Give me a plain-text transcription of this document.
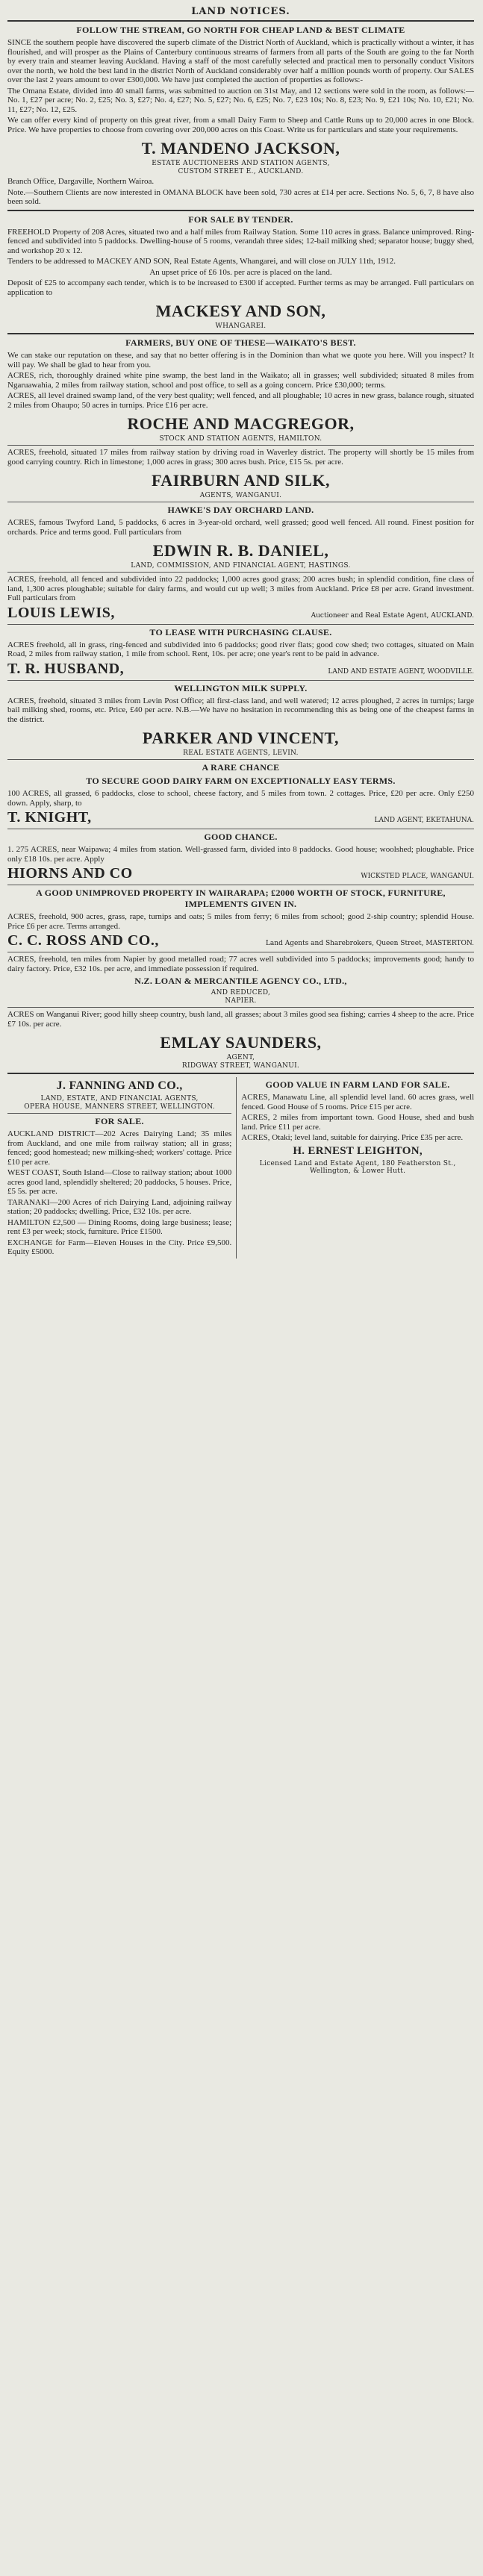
LAND NOTICES.
FOLLOW THE STREAM, GO NORTH FOR CHEAP LAND & BEST CLIMATE
SINCE the southern people have discovered the superb climate of the District North of Auckland, which is practically without a winter, it has flourished, and will prosper as the Plains of Canterbury continuous streams of farmers from all parts of the South are going to the far North by every train and steamer leaving Auckland. Having a staff of the most carefully selected and practical men to personally conduct Visitors over the north, we hold the best land in the district North of Auckland considerably over half a million pounds worth of property. Our SALES over the last 2 years amount to over £300,000. We have just completed the auction of properties as follows:-
The Omana Estate, divided into 40 small farms, was submitted to auction on 31st May, and 12 sections were sold in the room, as follows:—No. 1, £27 per acre; No. 2, £25; No. 3, £27; No. 4, £27; No. 5, £27; No. 6, £25; No. 7, £23 10s; No. 8, £23; No. 9, £21 10s; No. 10, £21; No. 11, £27; No. 12, £25.
We can offer every kind of property on this great river, from a small Dairy Farm to Sheep and Cattle Runs up to 20,000 acres in one Block. Price. We have properties to choose from covering over 200,000 acres on this Coast. Write us for particulars and state your requirements.
T. MANDENO JACKSON,
ESTATE AUCTIONEERS AND STATION AGENTS,
CUSTOM STREET E., AUCKLAND.
Branch Office, Dargaville, Northern Wairoa.
Note.—Southern Clients are now interested in OMANA BLOCK have been sold, 730 acres at £14 per acre. Sections No. 5, 6, 7, 8 have also been sold.
FOR SALE BY TENDER.
FREEHOLD Property of 208 Acres, situated two and a half miles from Railway Station. Some 110 acres in grass. Balance unimproved. Ring-fenced and subdivided into 5 paddocks. Dwelling-house of 5 rooms, verandah three sides; 12-bail milking shed; separator house; buggy shed, and workshop 20 x 12.
Tenders to be addressed to MACKEY AND SON, Real Estate Agents, Whangarei, and will close on JULY 11th, 1912.
An upset price of £6 10s. per acre is placed on the land.
Deposit of £25 to accompany each tender, which is to be increased to £300 if accepted. Further terms as may be arranged. Full particulars on application to
MACKESY AND SON,
WHANGAREI.
FARMERS, BUY ONE OF THESE—WAIKATO'S BEST.
We can stake our reputation on these, and say that no better offering is in the Dominion than what we quote you here. Will you inspect? It will pay. We shall be glad to hear from you.
ACRES, rich, thoroughly drained white pine swamp, the best land in the Waikato; all in grasses; well subdivided; situated 8 miles from Ngaruawahia, 2 miles from railway station, school and post office, to sell as a going concern. Price £30,000; terms.
ACRES, all level drained swamp land, of the very best quality; well fenced, and all ploughable; 10 acres in new grass, balance rough, situated 2 miles from Ohaupo; 50 acres in turnips. Price £16 per acre.
ROCHE AND MACGREGOR,
STOCK AND STATION AGENTS, HAMILTON.
ACRES, freehold, situated 17 miles from railway station by driving road in Waverley district. The property will shortly be 15 miles from good carrying country. Rich in limestone; 1,000 acres in grass; 300 acres bush. Price, £15 5s. per acre.
FAIRBURN AND SILK,
AGENTS, WANGANUI.
HAWKE'S DAY ORCHARD LAND.
ACRES, famous Twyford Land, 5 paddocks, 6 acres in 3-year-old orchard, well grassed; good well fenced. All round. Finest position for orchards. Price and terms good. Full particulars from
EDWIN R. B. DANIEL,
LAND, COMMISSION, AND FINANCIAL AGENT, HASTINGS.
ACRES, freehold, all fenced and subdivided into 22 paddocks; 1,000 acres good grass; 200 acres bush; in splendid condition, fine class of land, 1,300 acres ploughable; suitable for dairy farms, and would cut up well; 3 miles from Auckland. Price £8 per acre. Grand investment. Full particulars from
LOUIS LEWIS,	Auctioneer and Real Estate Agent, AUCKLAND.
TO LEASE WITH PURCHASING CLAUSE.
ACRES freehold, all in grass, ring-fenced and subdivided into 6 paddocks; good river flats; good cow shed; two cottages, situated on Main Road, 2 miles from railway station, 1 mile from school. Rent, 10s. per acre; one year's rent to be paid in advance.
T. R. HUSBAND,	LAND AND ESTATE AGENT, WOODVILLE.
WELLINGTON MILK SUPPLY.
ACRES, freehold, situated 3 miles from Levin Post Office; all first-class land, and well watered; 12 acres ploughed, 2 acres in turnips; large bail milking shed, rooms, etc. Price, £40 per acre. N.B.—We have no hesitation in recommending this as being one of the cheapest farms in the district.
PARKER AND VINCENT,
REAL ESTATE AGENTS, LEVIN.
A RARE CHANCE
TO SECURE GOOD DAIRY FARM ON EXCEPTIONALLY EASY TERMS.
100 ACRES, all grassed, 6 paddocks, close to school, cheese factory, and 5 miles from town. 2 cottages. Price, £20 per acre. Only £250 down. Apply, sharp, to
T. KNIGHT,	LAND AGENT, EKETAHUNA.
GOOD CHANCE.
1. 275 ACRES, near Waipawa; 4 miles from station. Well-grassed farm, divided into 8 paddocks. Good house; woolshed; ploughable. Price only £18 10s. per acre. Apply
HIORNS AND CO	WICKSTED PLACE, WANGANUI.
A GOOD UNIMPROVED PROPERTY IN WAIRARAPA; £2000 WORTH OF STOCK, FURNITURE, IMPLEMENTS GIVEN IN.
ACRES, freehold, 900 acres, grass, rape, turnips and oats; 5 miles from ferry; 6 miles from school; good 2-ship country; splendid House. Price £6 per acre. Terms arranged.
C. C. ROSS AND CO.,	Land Agents and Sharebrokers, Queen Street, MASTERTON.
ACRES, freehold, ten miles from Napier by good metalled road; 77 acres well subdivided into 5 paddocks; improvements good; handy to dairy factory. Price, £32 10s. per acre, and immediate possession if required.
N.Z. LOAN & MERCANTILE AGENCY CO., LTD.,
AND REDUCED,
NAPIER.
ACRES on Wanganui River; good hilly sheep country, bush land, all grasses; about 3 miles good sea fishing; carries 4 sheep to the acre. Price £7 10s. per acre.
EMLAY SAUNDERS,
AGENT,
RIDGWAY STREET, WANGANUI.
J. FANNING AND CO.,
LAND, ESTATE, AND FINANCIAL AGENTS,
OPERA HOUSE, MANNERS STREET, WELLINGTON.
FOR SALE.
AUCKLAND DISTRICT—202 Acres Dairying Land; 35 miles from Auckland, and one mile from railway station; all in grass; fenced; good homestead; new milking-shed; workers' cottage. Price £10 per acre.
WEST COAST, South Island—Close to railway station; about 1000 acres good land, splendidly sheltered; 20 paddocks, 5 houses. Price, £5 5s. per acre.
TARANAKI—200 Acres of rich Dairying Land, adjoining railway station; 20 paddocks; dwelling. Price, £32 10s. per acre.
HAMILTON £2,500 — Dining Rooms, doing large business; lease; rent £3 per week; stock, furniture. Price £1500.
EXCHANGE for Farm—Eleven Houses in the City. Price £9,500. Equity £5000.
GOOD VALUE IN FARM LAND FOR SALE.
ACRES, Manawatu Line, all splendid level land. 60 acres grass, well fenced. Good House of 5 rooms. Price £15 per acre.
ACRES, 2 miles from important town. Good House, shed and bush land. Price £11 per acre.
ACRES, Otaki; level land, suitable for dairying. Price £35 per acre.
H. ERNEST LEIGHTON,
Licensed Land and Estate Agent, 180 Featherston St., Wellington, & Lower Hutt.
